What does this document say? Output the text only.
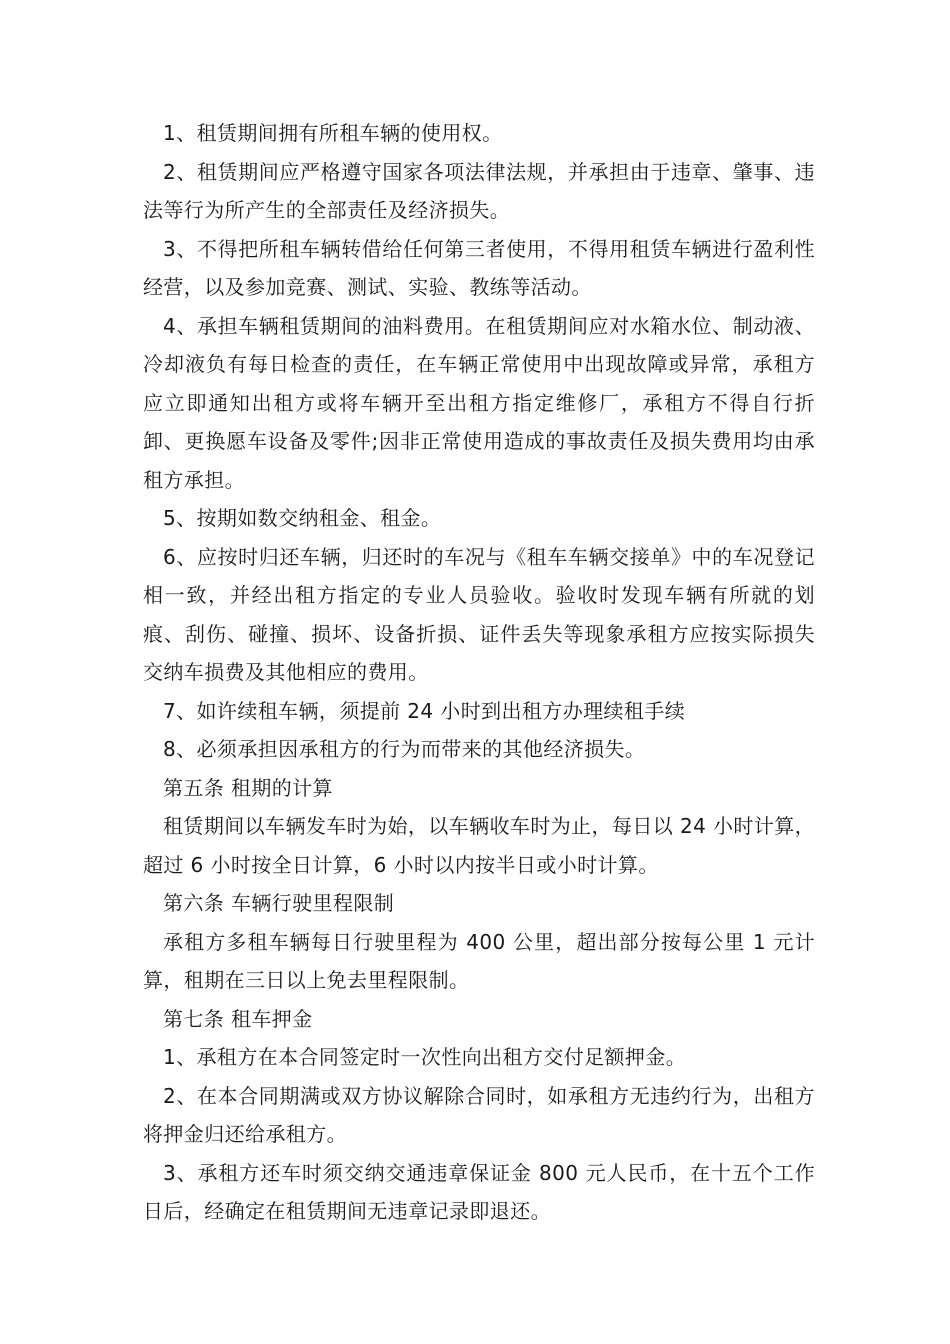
1、租赁期间拥有所租车辆的使用权。

2、租赁期间应严格遵守国家各项法律法规，并承担由于违章、肇事、违法等行为所产生的全部责任及经济损失。

3、不得把所租车辆转借给任何第三者使用，不得用租赁车辆进行盈利性经营，以及参加竞赛、测试、实验、教练等活动。

4、承担车辆租赁期间的油料费用。在租赁期间应对水箱水位、制动液、冷却液负有每日检查的责任，在车辆正常使用中出现故障或异常，承租方应立即通知出租方或将车辆开至出租方指定维修厂，承租方不得自行折卸、更换愿车设备及零件;因非正常使用造成的事故责任及损失费用均由承租方承担。

5、按期如数交纳租金、租金。

6、应按时归还车辆，归还时的车况与《租车车辆交接单》中的车况登记相一致，并经出租方指定的专业人员验收。验收时发现车辆有所就的划痕、刮伤、碰撞、损坏、设备折损、证件丢失等现象承租方应按实际损失交纳车损费及其他相应的费用。

7、如许续租车辆，须提前 24 小时到出租方办理续租手续

8、必须承担因承租方的行为而带来的其他经济损失。

第五条 租期的计算

租赁期间以车辆发车时为始，以车辆收车时为止，每日以 24 小时计算，超过 6 小时按全日计算，6 小时以内按半日或小时计算。

第六条 车辆行驶里程限制

承租方多租车辆每日行驶里程为 400 公里，超出部分按每公里 1 元计算，租期在三日以上免去里程限制。

第七条 租车押金

1、承租方在本合同签定时一次性向出租方交付足额押金。

2、在本合同期满或双方协议解除合同时，如承租方无违约行为，出租方将押金归还给承租方。

3、承租方还车时须交纳交通违章保证金 800 元人民币，在十五个工作日后，经确定在租赁期间无违章记录即退还。
